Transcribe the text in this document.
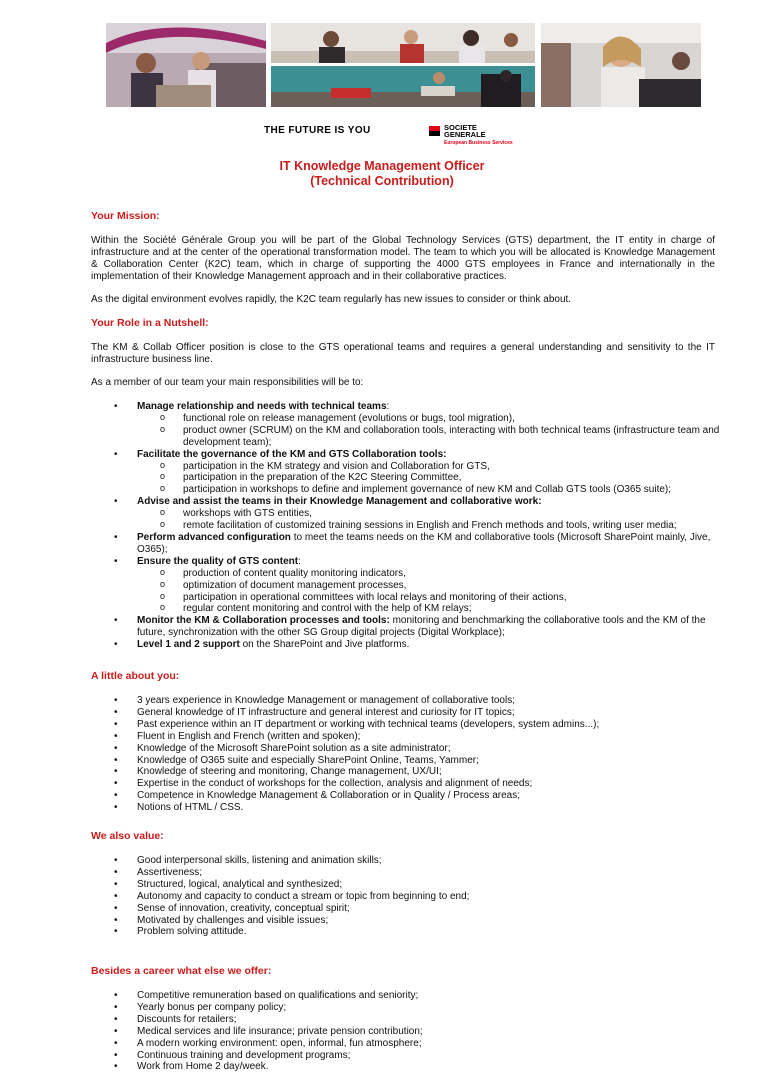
THE FUTURE IS YOU	SOCIETE
GENERALE
European Business Services
IT Knowledge Management Officer
(Technical Contribution)
Your Mission:
Within the Société Générale Group you will be part of the Global Technology Services (GTS) department, the IT entity in charge of infrastructure and at the center of the operational transformation model. The team to which you will be allocated is Knowledge Management & Collaboration Center (K2C) team, which in charge of supporting the 4000 GTS employees in France and internationally in the implementation of their Knowledge Management approach and in their collaborative practices.
As the digital environment evolves rapidly, the K2C team regularly has new issues to consider or think about.
Your Role in a Nutshell:
The KM & Collab Officer position is close to the GTS operational teams and requires a general understanding and sensitivity to the IT infrastructure business line.
As a member of our team your main responsibilities will be to:
• Manage relationship and needs with technical teams:
o functional role on release management (evolutions or bugs, tool migration),
o product owner (SCRUM) on the KM and collaboration tools, interacting with both technical teams (infrastructure team and development team);
• Facilitate the governance of the KM and GTS Collaboration tools:
o participation in the KM strategy and vision and Collaboration for GTS,
o participation in the preparation of the K2C Steering Committee,
o participation in workshops to define and implement governance of new KM and Collab GTS tools (O365 suite);
• Advise and assist the teams in their Knowledge Management and collaborative work:
o workshops with GTS entities,
o remote facilitation of customized training sessions in English and French methods and tools, writing user media;
• Perform advanced configuration to meet the teams needs on the KM and collaborative tools (Microsoft SharePoint mainly, Jive, O365);
• Ensure the quality of GTS content:
o production of content quality monitoring indicators,
o optimization of document management processes,
o participation in operational committees with local relays and monitoring of their actions,
o regular content monitoring and control with the help of KM relays;
• Monitor the KM & Collaboration processes and tools: monitoring and benchmarking the collaborative tools and the KM of the future, synchronization with the other SG Group digital projects (Digital Workplace);
• Level 1 and 2 support on the SharePoint and Jive platforms.
A little about you:
• 3 years experience in Knowledge Management or management of collaborative tools;
• General knowledge of IT infrastructure and general interest and curiosity for IT topics;
• Past experience within an IT department or working with technical teams (developers, system admins...);
• Fluent in English and French (written and spoken);
• Knowledge of the Microsoft SharePoint solution as a site administrator;
• Knowledge of O365 suite and especially SharePoint Online, Teams, Yammer;
• Knowledge of steering and monitoring, Change management, UX/UI;
• Expertise in the conduct of workshops for the collection, analysis and alignment of needs;
• Competence in Knowledge Management & Collaboration or in Quality / Process areas;
• Notions of HTML / CSS.
We also value:
• Good interpersonal skills, listening and animation skills;
• Assertiveness;
• Structured, logical, analytical and synthesized;
• Autonomy and capacity to conduct a stream or topic from beginning to end;
• Sense of innovation, creativity, conceptual spirit;
• Motivated by challenges and visible issues;
• Problem solving attitude.
Besides a career what else we offer:
• Competitive remuneration based on qualifications and seniority;
• Yearly bonus per company policy;
• Discounts for retailers;
• Medical services and life insurance; private pension contribution;
• A modern working environment: open, informal, fun atmosphere;
• Continuous training and development programs;
• Work from Home 2 day/week.
